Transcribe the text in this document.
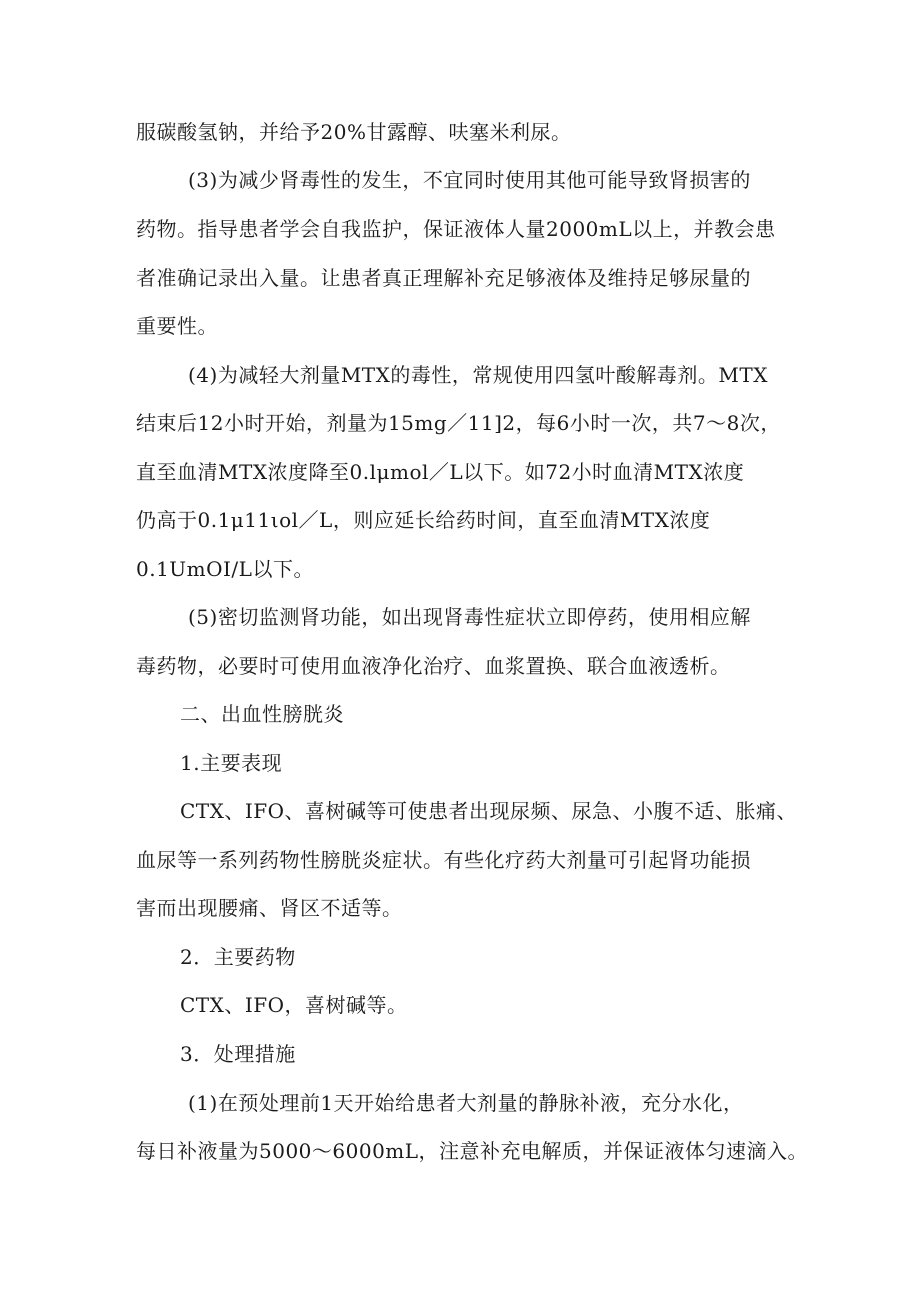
服碳酸氢钠，并给予20%甘露醇、呋塞米利尿。
(3)为减少肾毒性的发生，不宜同时使用其他可能导致肾损害的
药物。指导患者学会自我监护，保证液体人量2000mL以上，并教会患
者准确记录出入量。让患者真正理解补充足够液体及维持足够尿量的
重要性。
(4)为减轻大剂量MTX的毒性，常规使用四氢叶酸解毒剂。MTX
结束后12小时开始，剂量为15mg／11]2，每6小时一次，共7～8次，
直至血清MTX浓度降至0.lμmol／L以下。如72小时血清MTX浓度
仍高于0.1μ11ιol／L，则应延长给药时间，直至血清MTX浓度
0.1UmOI/L以下。
(5)密切监测肾功能，如出现肾毒性症状立即停药，使用相应解
毒药物，必要时可使用血液净化治疗、血浆置换、联合血液透析。
二、出血性膀胱炎
1.主要表现
CTX、IFO、喜树碱等可使患者出现尿频、尿急、小腹不适、胀痛、
血尿等一系列药物性膀胱炎症状。有些化疗药大剂量可引起肾功能损
害而出现腰痛、肾区不适等。
2．主要药物
CTX、IFO，喜树碱等。
3．处理措施
(1)在预处理前1天开始给患者大剂量的静脉补液，充分水化，
每日补液量为5000～6000mL，注意补充电解质，并保证液体匀速滴入。
